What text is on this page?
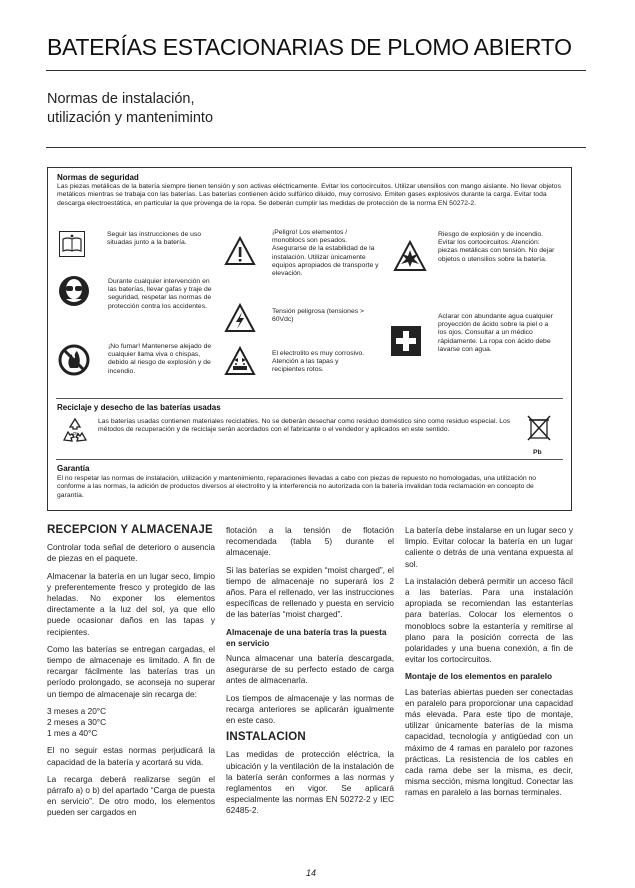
BATERÍAS ESTACIONARIAS DE PLOMO ABIERTO
Normas de instalación,
utilización y manteniminto
Normas de seguridad
Las piezas metálicas de la batería siempre tienen tensión y son activas eléctricamente. Evitar los cortocircuitos. Utilizar utensilios con mango aislante. No llevar objetos metálicos mientras se trabaja con las baterías. Las baterías contienen ácido sulfúrico diluido, muy corrosivo. Emiten gases explosivos durante la carga. Evitar toda descarga electroestática, en particular la que provenga de la ropa. Se deberán cumplir las medidas de protección de la norma EN 50272-2.
Seguir las instrucciones de uso situadas junto a la batería.
Durante cualquier intervención en las baterías, llevar gafas y traje de seguridad, respetar las normas de protección contra los accidentes.
¡No fumar! Mantenerse alejado de cualquier llama viva o chispas, debido al riesgo de explosión y de incendio.
¡Peligro! Los elementos / monoblocs son pesados. Asegurarse de la estabilidad de la instalación. Utilizar únicamente equipos apropiados de transporte y elevación.
Tensión peligrosa (tensiones > 60Vdc)
El electrolito es muy corrosivo. Atención a las tapas y recipientes rotos.
Riesgo de explosión y de incendio. Evitar los cortocircuitos. Atención: piezas metálicas con tensión. No dejar objetos o utensilios sobre la batería.
Aclarar con abundante agua cualquier proyección de ácido sobre la piel o a los ojos. Consultar a un médico rápidamente. La ropa con ácido debe lavarse con agua.
Reciclaje y desecho de las baterías usadas
Pb
Las baterías usadas contienen materiales reciclables. No se deberán desechar como residuo doméstico sino como residuo especial. Los métodos de recuperación y de reciclaje serán acordados con el fabricante o el vendedor y aplicados en este sentido.
Pb
Garantía
El no respetar las normas de instalación, utilización y mantenimiento, reparaciones llevadas a cabo con piezas de repuesto no homologadas, una utilización no conforme a las normas, la adición de productos diversos al electrolito y la interferencia no autorizada con la batería invalidan toda reclamación en concepto de garantía.
RECEPCION Y ALMACENAJE

Controlar toda señal de deterioro o ausencia de piezas en el paquete.

Almacenar la batería en un lugar seco, limpio y preferentemente fresco y protegido de las heladas. No exponer los elementos directamente a la luz del sol, ya que ello puede ocasionar daños en las tapas y recipientes.

Como las baterías se entregan cargadas, el tiempo de almacenaje es limitado. A fin de recargar fácilmente las baterías tras un período prolongado, se aconseja no superar un tiempo de almacenaje sin recarga de:

3 meses a 20°C
2 meses a 30°C
1 mes a 40°C

El no seguir estas normas perjudicará la capacidad de la batería y acortará su vida.

La recarga deberá realizarse según el párrafo a) o b) del apartado “Carga de puesta en servicio”. De otro modo, los elementos pueden ser cargados en

flotación a la tensión de flotación recomendada (tabla 5) durante el almacenaje.

Si las baterías se expiden “moist charged”, el tiempo de almacenaje no superará los 2 años. Para el rellenado, ver las instrucciones específicas de rellenado y puesta en servicio de las baterías “moist charged”.

Almacenaje de una batería tras la puesta en servicio

Nunca almacenar una batería descargada, asegurarse de su perfecto estado de carga antes de almacenarla.

Los tiempos de almacenaje y las normas de recarga anteriores se aplicarán igualmente en este caso.

INSTALACION

Las medidas de protección eléctrica, la ubicación y la ventilación de la instalación de la batería serán conformes a las normas y reglamentos en vigor. Se aplicará especialmente las normas EN 50272-2 y IEC 62485-2.

La batería debe instalarse en un lugar seco y limpio. Evitar colocar la batería en un lugar caliente o detrás de una ventana expuesta al sol.

La instalación deberá permitir un acceso fácil a las baterías. Para una instalación apropiada se recomiendan las estanterías para baterías. Colocar los elementos o monoblocs sobre la estantería y remitirse al plano para la posición correcta de las polaridades y una buena conexión, a fin de evitar los cortocircuitos.

Montaje de los elementos en paralelo

Las baterías abiertas pueden ser conectadas en paralelo para proporcionar una capacidad más elevada. Para este tipo de montaje, utilizar únicamente baterías de la misma capacidad, tecnología y antigüedad con un máximo de 4 ramas en paralelo por razones prácticas. La resistencia de los cables en cada rama debe ser la misma, es decir, misma sección, misma longitud. Conectar las ramas en paralelo a las bornas terminales.

14
